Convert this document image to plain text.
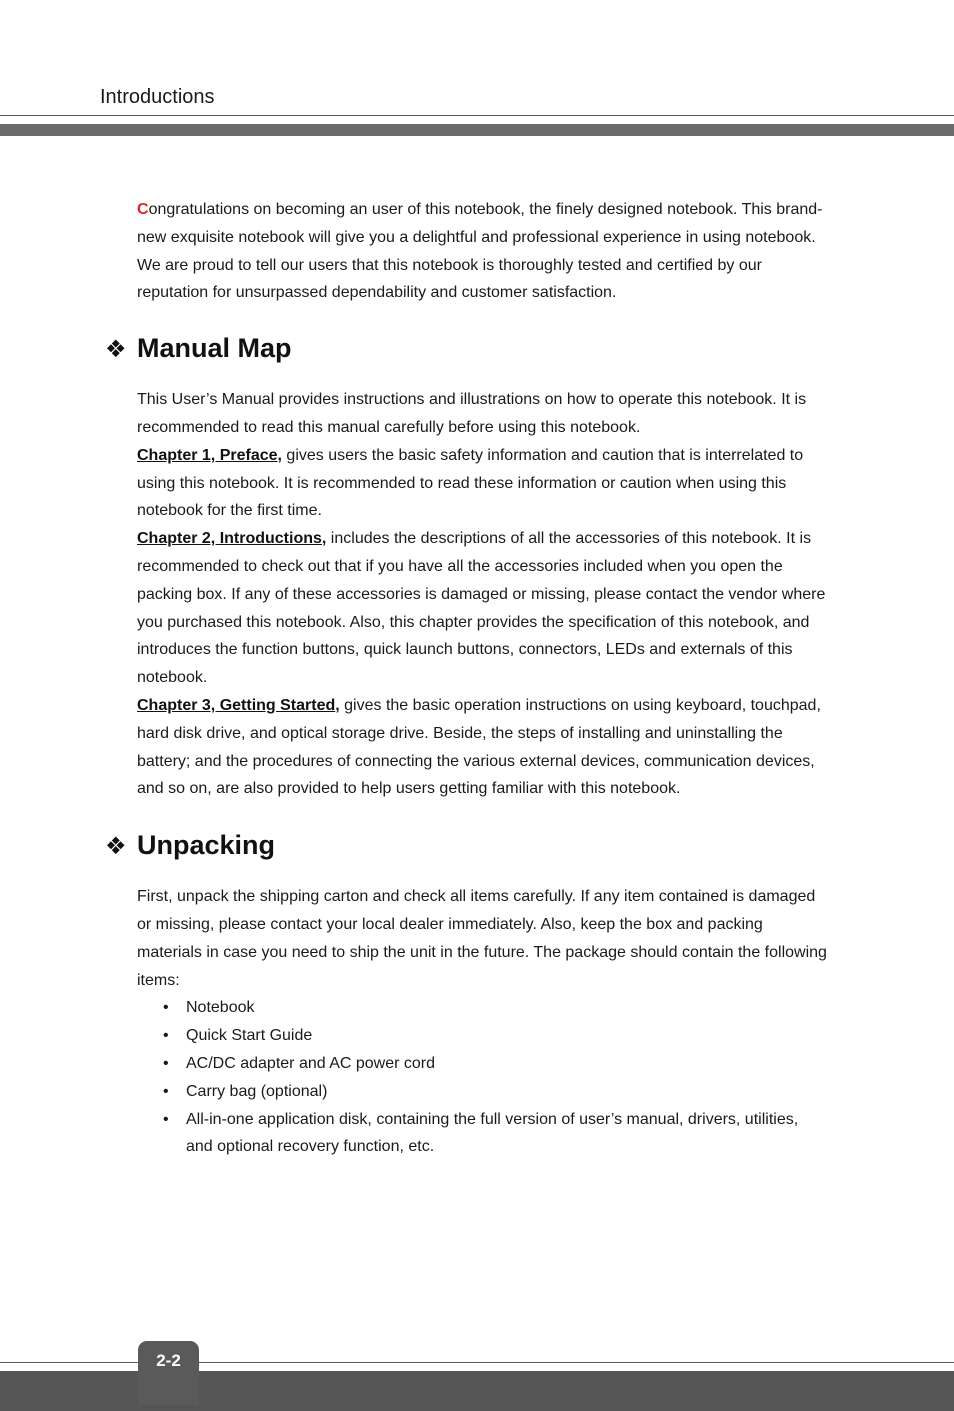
Introductions

Congratulations on becoming an user of this notebook, the finely designed notebook. This brand-new exquisite notebook will give you a delightful and professional experience in using notebook. We are proud to tell our users that this notebook is thoroughly tested and certified by our reputation for unsurpassed dependability and customer satisfaction.

❖ Manual Map

This User’s Manual provides instructions and illustrations on how to operate this notebook. It is recommended to read this manual carefully before using this notebook.

Chapter 1, Preface, gives users the basic safety information and caution that is interrelated to using this notebook. It is recommended to read these information or caution when using this notebook for the first time.

Chapter 2, Introductions, includes the descriptions of all the accessories of this notebook. It is recommended to check out that if you have all the accessories included when you open the packing box. If any of these accessories is damaged or missing, please contact the vendor where you purchased this notebook. Also, this chapter provides the specification of this notebook, and introduces the function buttons, quick launch buttons, connectors, LEDs and externals of this notebook.

Chapter 3, Getting Started, gives the basic operation instructions on using keyboard, touchpad, hard disk drive, and optical storage drive. Beside, the steps of installing and uninstalling the battery; and the procedures of connecting the various external devices, communication devices, and so on, are also provided to help users getting familiar with this notebook.

❖ Unpacking

First, unpack the shipping carton and check all items carefully. If any item contained is damaged or missing, please contact your local dealer immediately. Also, keep the box and packing materials in case you need to ship the unit in the future. The package should contain the following items:

• Notebook
• Quick Start Guide
• AC/DC adapter and AC power cord
• Carry bag (optional)
• All-in-one application disk, containing the full version of user’s manual, drivers, utilities, and optional recovery function, etc.
2-2
